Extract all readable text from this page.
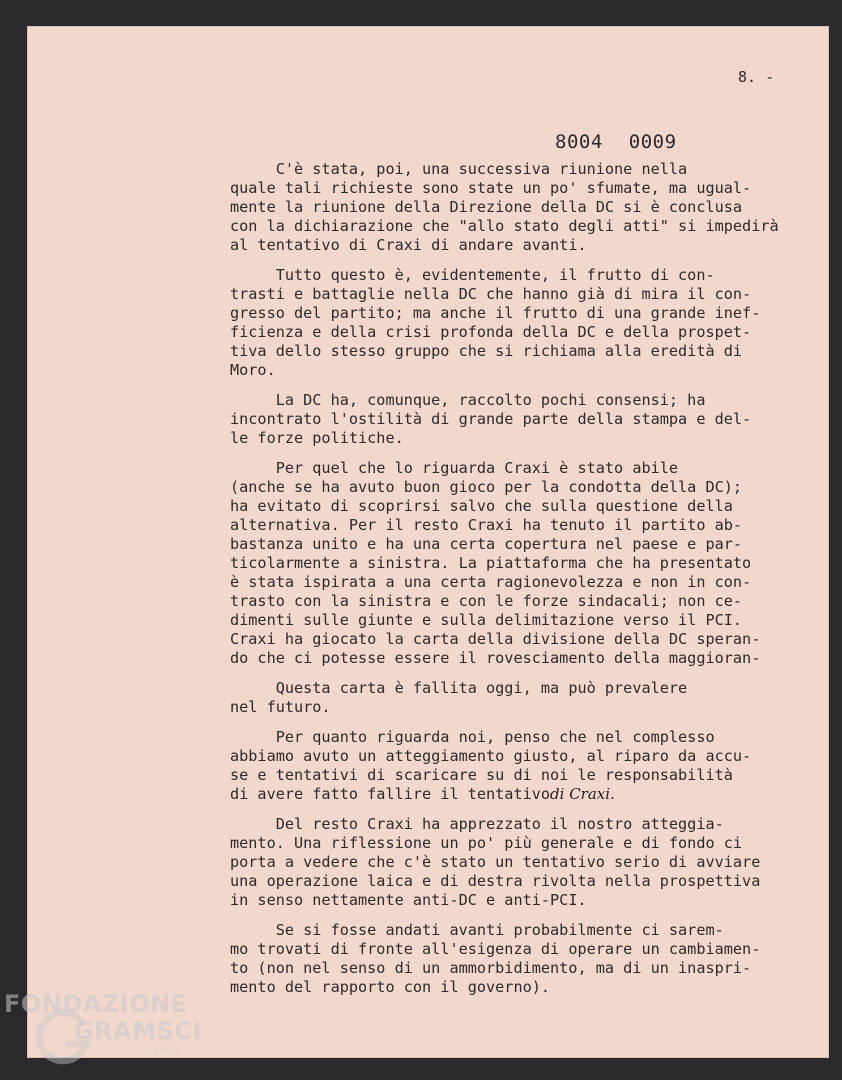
8. -
8004 0009
C'è stata, poi, una successiva riunione nella
quale tali richieste sono state un po' sfumate, ma ugual-
mente la riunione della Direzione della DC si è conclusa
con la dichiarazione che "allo stato degli atti" si impedirà
al tentativo di Craxi di andare avanti.
Tutto questo è, evidentemente, il frutto di con-
trasti e battaglie nella DC che hanno già di mira il con-
gresso del partito; ma anche il frutto di una grande inef-
ficienza e della crisi profonda della DC e della prospet-
tiva dello stesso gruppo che si richiama alla eredità di
Moro.
La DC ha, comunque, raccolto pochi consensi; ha
incontrato l'ostilità di grande parte della stampa e del-
le forze politiche.
Per quel che lo riguarda Craxi è stato abile
(anche se ha avuto buon gioco per la condotta della DC);
ha evitato di scoprirsi salvo che sulla questione della
alternativa. Per il resto Craxi ha tenuto il partito ab-
bastanza unito e ha una certa copertura nel paese e par-
ticolarmente a sinistra. La piattaforma che ha presentato
è stata ispirata a una certa ragionevolezza e non in con-
trasto con la sinistra e con le forze sindacali; non ce-
dimenti sulle giunte e sulla delimitazione verso il PCI.
Craxi ha giocato la carta della divisione della DC speran-
do che ci potesse essere il rovesciamento della maggioran-
Questa carta è fallita oggi, ma può prevalere
nel futuro.
Per quanto riguarda noi, penso che nel complesso
abbiamo avuto un atteggiamento giusto, al riparo da accu-
se e tentativi di scaricare su di noi le responsabilità
di avere fatto fallire il tentativodi Craxi.
Del resto Craxi ha apprezzato il nostro atteggia-
mento. Una riflessione un po' più generale e di fondo ci
porta a vedere che c'è stato un tentativo serio di avviare
una operazione laica e di destra rivolta nella prospettiva
in senso nettamente anti-DC e anti-PCI.
Se si fosse andati avanti probabilmente ci sarem-
mo trovati di fronte all'esigenza di operare un cambiamen-
to (non nel senso di un ammorbidimento, ma di un inaspri-
mento del rapporto con il governo).
FONDAZIONE
GRAMSCI
onlus
